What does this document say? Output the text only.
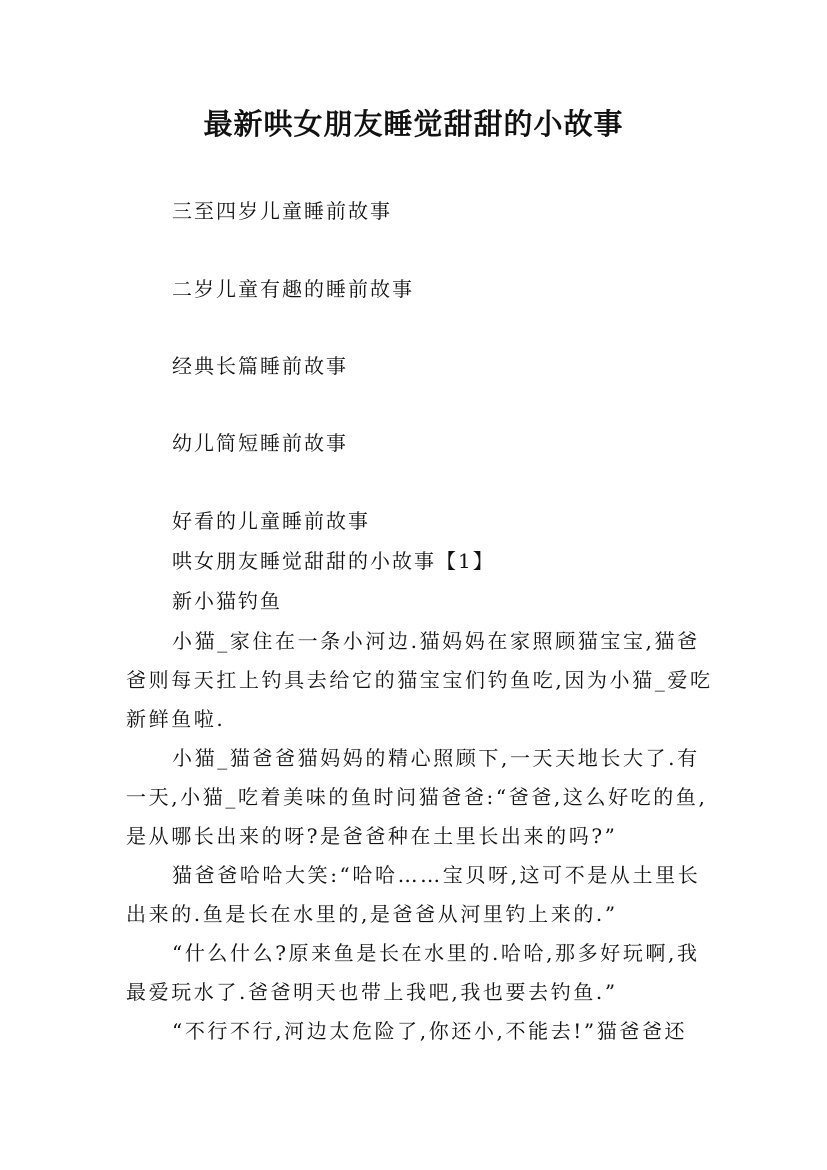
最新哄女朋友睡觉甜甜的小故事
三至四岁儿童睡前故事
二岁儿童有趣的睡前故事
经典长篇睡前故事
幼儿简短睡前故事
好看的儿童睡前故事
哄女朋友睡觉甜甜的小故事【1】
新小猫钓鱼
小猫_家住在一条小河边.猫妈妈在家照顾猫宝宝,猫爸
爸则每天扛上钓具去给它的猫宝宝们钓鱼吃,因为小猫_爱吃
新鲜鱼啦.
小猫_猫爸爸猫妈妈的精心照顾下,一天天地长大了.有
一天,小猫_吃着美味的鱼时问猫爸爸:“爸爸,这么好吃的鱼,
是从哪长出来的呀?是爸爸种在土里长出来的吗?”
猫爸爸哈哈大笑:“哈哈……宝贝呀,这可不是从土里长
出来的.鱼是长在水里的,是爸爸从河里钓上来的.”
“什么什么?原来鱼是长在水里的.哈哈,那多好玩啊,我
最爱玩水了.爸爸明天也带上我吧,我也要去钓鱼.”
“不行不行,河边太危险了,你还小,不能去!”猫爸爸还
